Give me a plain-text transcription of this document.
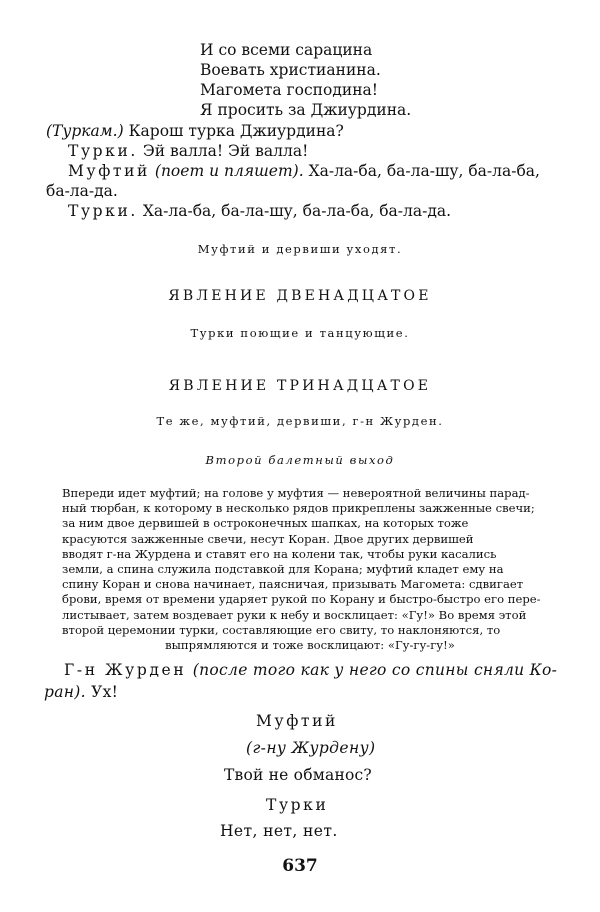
И со всеми сарацина
Воевать христианина.
Магомета господина!
Я просить за Джиурдина.
(Туркам.) Карош турка Джиурдина?
Турки. Эй валла! Эй валла!
Муфтий (поет и пляшет). Ха-ла-ба, ба-ла-шу, ба-ла-ба,
ба-ла-да.
Турки. Ха-ла-ба, ба-ла-шу, ба-ла-ба, ба-ла-да.
Муфтий и дервиши уходят.
ЯВЛЕНИЕ ДВЕНАДЦАТОЕ
Турки поющие и танцующие.
ЯВЛЕНИЕ ТРИНАДЦАТОЕ
Те же, муфтий, дервиши, г-н Журден.
Второй балетный выход
Впереди идет муфтий; на голове у муфтия — невероятной величины парад-
ный тюрбан, к которому в несколько рядов прикреплены зажженные свечи;
за ним двое дервишей в остроконечных шапках, на которых тоже
красуются зажженные свечи, несут Коран. Двое других дервишей
вводят г-на Журдена и ставят его на колени так, чтобы руки касались
земли, а спина служила подставкой для Корана; муфтий кладет ему на
спину Коран и снова начинает, паясничая, призывать Магомета: сдвигает
брови, время от времени ударяет рукой по Корану и быстро-быстро его пере-
листывает, затем воздевает руки к небу и восклицает: «Гу!» Во время этой
второй церемонии турки, составляющие его свиту, то наклоняются, то
выпрямляются и тоже восклицают: «Гу-гу-гу!»
Г-н Журден (после того как у него со спины сняли Ко-
ран). Ух!
Муфтий
(г-ну Журдену)
Твой не обманос?
Турки
Нет, нет, нет.
637
